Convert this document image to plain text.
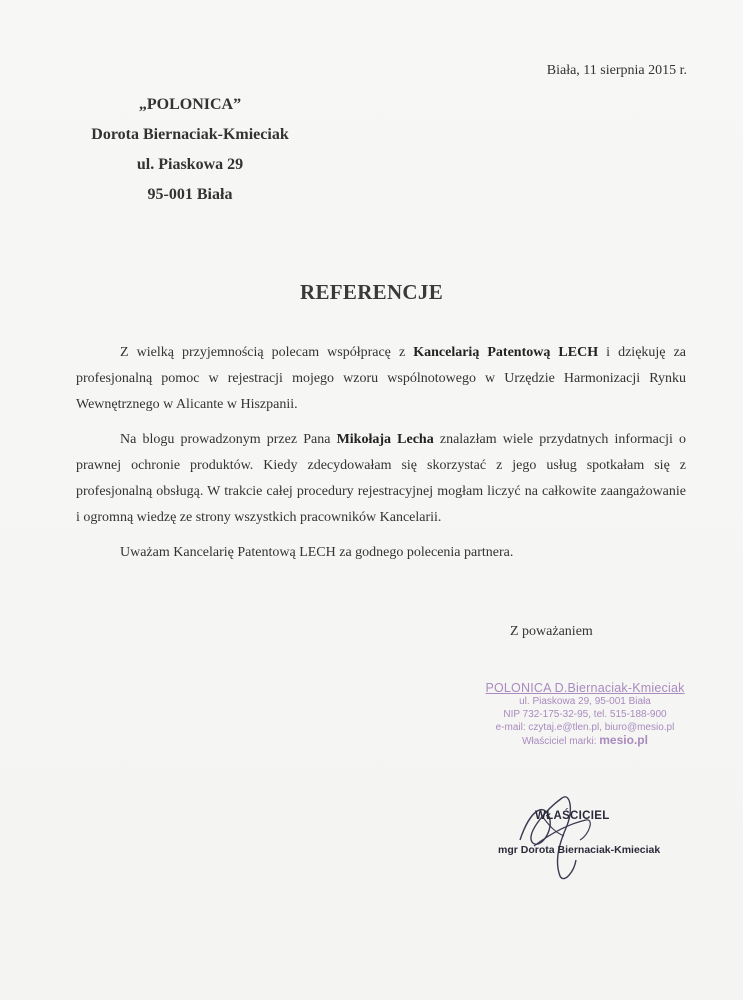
Biała, 11 sierpnia 2015 r.
„POLONICA”
Dorota Biernaciak-Kmieciak
ul. Piaskowa 29
95-001 Biała
REFERENCJE

Z wielką przyjemnością polecam współpracę z Kancelarią Patentową LECH i dziękuję za profesjonalną pomoc w rejestracji mojego wzoru wspólnotowego w Urzędzie Harmonizacji Rynku Wewnętrznego w Alicante w Hiszpanii.

Na blogu prowadzonym przez Pana Mikołaja Lecha znalazłam wiele przydatnych informacji o prawnej ochronie produktów. Kiedy zdecydowałam się skorzystać z jego usług spotkałam się z profesjonalną obsługą. W trakcie całej procedury rejestracyjnej mogłam liczyć na całkowite zaangażowanie i ogromną wiedzę ze strony wszystkich pracowników Kancelarii.

Uważam Kancelarię Patentową LECH za godnego polecenia partnera.

Z poważaniem
POLONICA D.Biernaciak-Kmieciak
ul. Piaskowa 29, 95-001 Biała
NIP 732-175-32-95, tel. 515-188-900
e-mail: czytaj.e@tlen.pl, biuro@mesio.pl
Właściciel marki: mesio.pl
WŁAŚCICIEL
mgr Dorota Biernaciak-Kmieciak
